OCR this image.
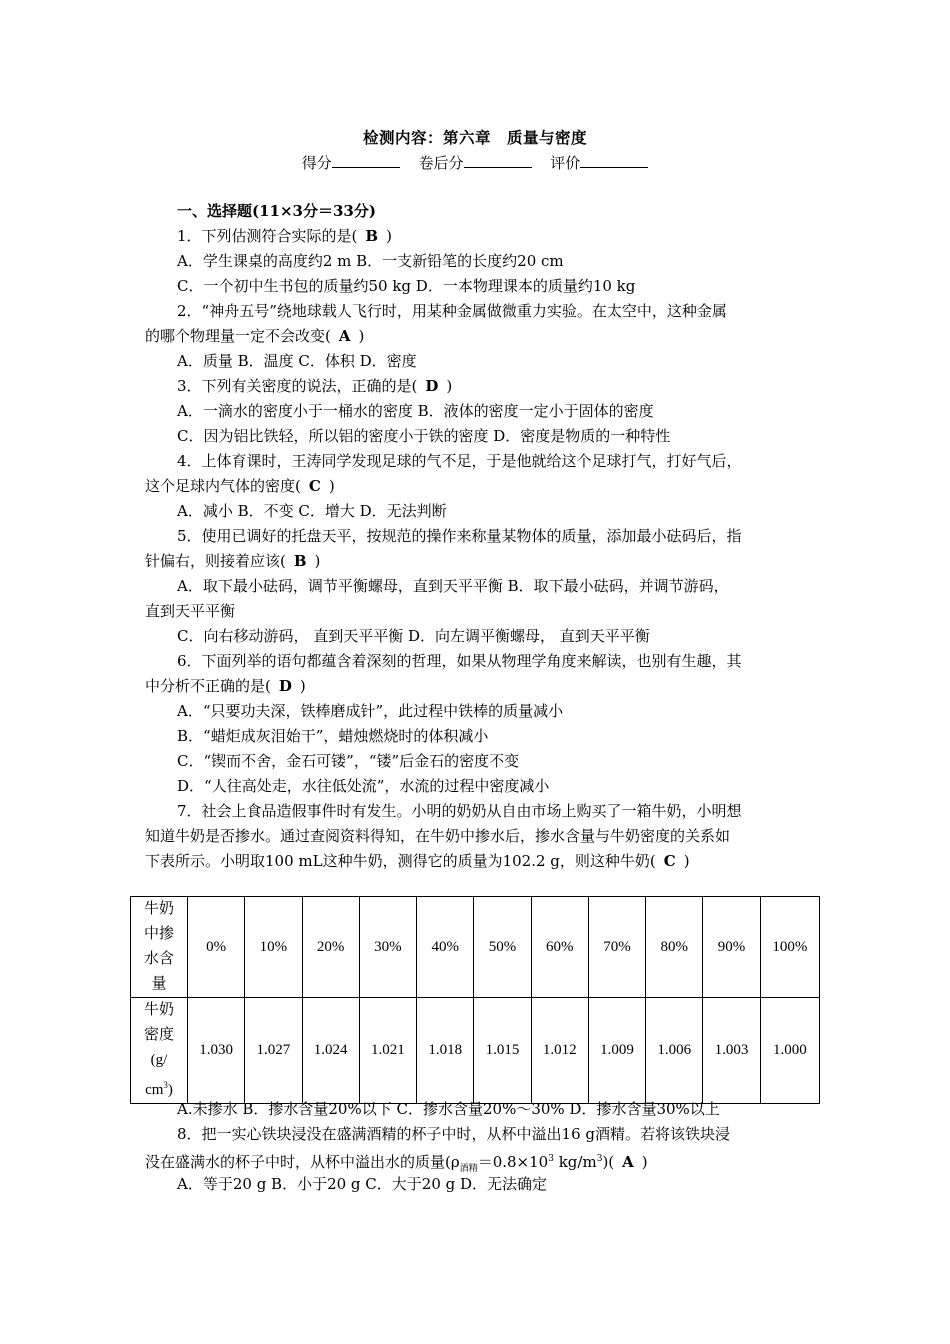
检测内容：第六章　质量与密度
得分	卷后分	评价
一、选择题(11×3分＝33分)
1．下列估测符合实际的是( B )
A．学生课桌的高度约2 m B．一支新铅笔的长度约20 cm
C．一个初中生书包的质量约50 kg D．一本物理课本的质量约10 kg
2．“神舟五号”绕地球载人飞行时，用某种金属做微重力实验。在太空中，这种金属
的哪个物理量一定不会改变( A )
A．质量 B．温度 C．体积 D．密度
3．下列有关密度的说法，正确的是( D )
A．一滴水的密度小于一桶水的密度 B．液体的密度一定小于固体的密度
C．因为铝比铁轻，所以铝的密度小于铁的密度 D．密度是物质的一种特性
4．上体育课时，王涛同学发现足球的气不足，于是他就给这个足球打气，打好气后，
这个足球内气体的密度( C )
A．减小 B．不变 C．增大 D．无法判断
5．使用已调好的托盘天平，按规范的操作来称量某物体的质量，添加最小砝码后，指
针偏右，则接着应该( B )
A．取下最小砝码，调节平衡螺母，直到天平平衡 B．取下最小砝码，并调节游码，
直到天平平衡
C．向右移动游码， 直到天平平衡 D．向左调平衡螺母， 直到天平平衡
6．下面列举的语句都蕴含着深刻的哲理，如果从物理学角度来解读，也别有生趣，其
中分析不正确的是( D )
A．“只要功夫深，铁棒磨成针”，此过程中铁棒的质量减小
B．“蜡炬成灰泪始干”，蜡烛燃烧时的体积减小
C．“锲而不舍，金石可镂”，“镂”后金石的密度不变
D．“人往高处走，水往低处流”，水流的过程中密度减小
7．社会上食品造假事件时有发生。小明的奶奶从自由市场上购买了一箱牛奶，小明想
知道牛奶是否掺水。通过查阅资料得知，在牛奶中掺水后，掺水含量与牛奶密度的关系如
下表所示。小明取100 mL这种牛奶，测得它的质量为102.2 g，则这种牛奶( C )
牛奶
中掺
水含
量	0%	10%	20%	30%	40%	50%	60%	70%	80%	90%	100%

牛奶
密度
(g/
$cm^3$)	1.030	1.027	1.024	1.021	1.018	1.015	1.012	1.009	1.006	1.003	1.000
A.未掺水 B．掺水含量20%以下 C．掺水含量20%～30% D．掺水含量30%以上
8．把一实心铁块浸没在盛满酒精的杯子中时，从杯中溢出16 g酒精。若将该铁块浸
没在盛满水的杯子中时，从杯中溢出水的质量($\rho_{酒精}=0.8\times 10^3$ $kg/m^3$)( A )
A．等于20 g B．小于20 g C．大于20 g D．无法确定
